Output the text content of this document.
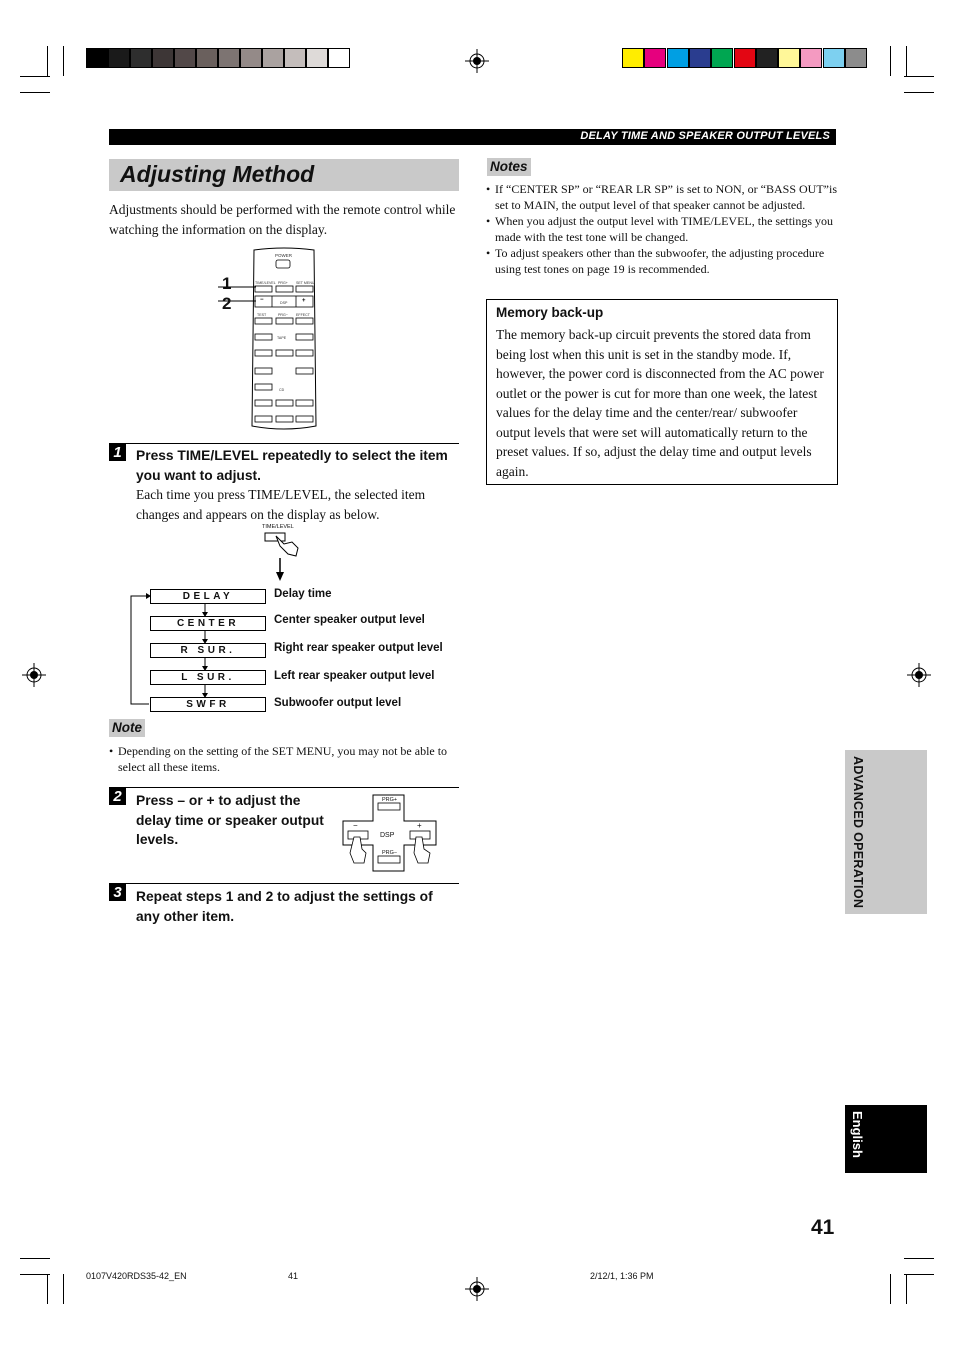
DELAY TIME AND SPEAKER OUTPUT LEVELS
Adjusting Method
Adjustments should be performed with the remote control while watching the information on the display.
POWER
TIME/LEVEL PRG+ SET MENU
DSP
TEST	PRG− EFFECT
TAPE
CD
−	+
1
2
1	Press TIME/LEVEL repeatedly to select the item you want to adjust.
Each time you press TIME/LEVEL, the selected item changes and appears on the display as below.
TIME/LEVEL
DELAY	Delay time
CENTER	Center speaker output level
R SUR.	Right rear speaker output level
L SUR.	Left rear speaker output level
SWFR	Subwoofer output level
Note
• Depending on the setting of the SET MENU, you may not be able to select all these items.
2	Press – or + to adjust the delay time or speaker output levels.
PRG+
DSP
PRG−
−	+
3	Repeat steps 1 and 2 to adjust the settings of any other item.
Notes
• If “CENTER SP” or “REAR LR SP” is set to NON, or “BASS OUT”is set to MAIN, the output level of that speaker cannot be adjusted.
• When you adjust the output level with TIME/LEVEL, the settings you made with the test tone will be changed.
• To adjust speakers other than the subwoofer, the adjusting procedure using test tones on page 19 is recommended.
Memory back-up
The memory back-up circuit prevents the stored data from being lost when this unit is set in the standby mode. If, however, the power cord is disconnected from the AC power outlet or the power is cut for more than one week, the latest values for the delay time and the center/rear/ subwoofer output levels that were set will automatically return to the preset values. If so, adjust the delay time and output levels again.
ADVANCED OPERATION
English
41
0107V420RDS35-42_EN	41	2/12/1, 1:36 PM
